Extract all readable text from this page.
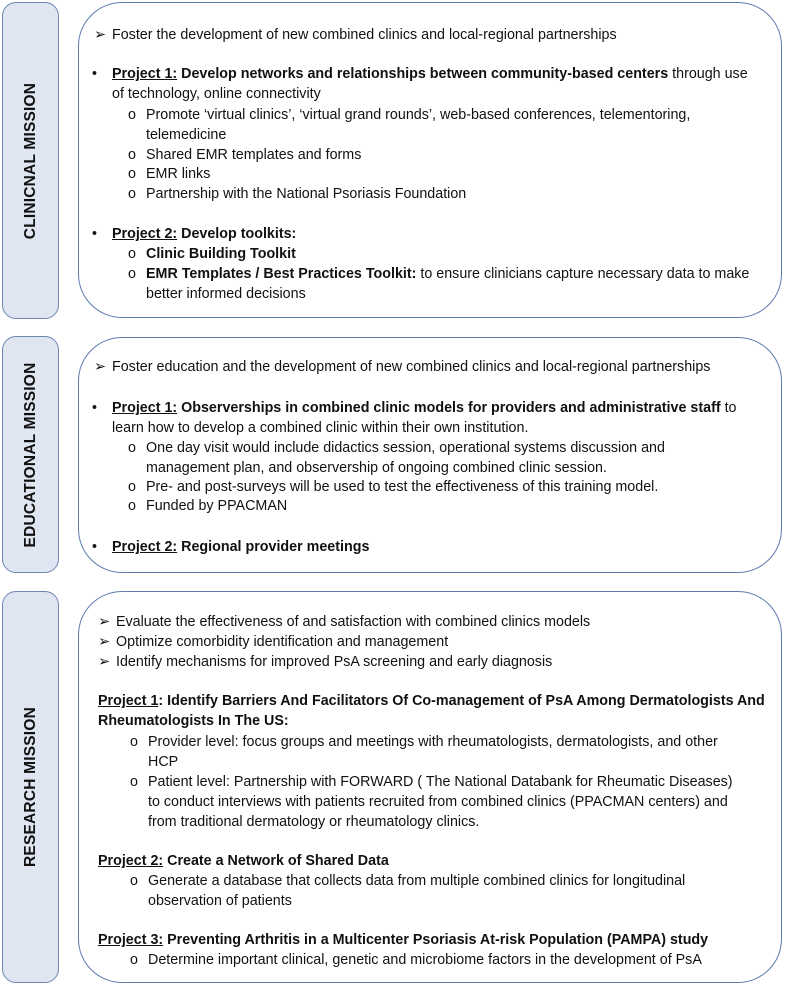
CLINICNAL MISSION
➢ Foster the development of new combined clinics and local-regional partnerships
• Project 1: Develop networks and relationships between community-based centers through use
of technology, online connectivity
o Promote ‘virtual clinics’, ‘virtual grand rounds’, web-based conferences, telementoring,
telemedicine
o Shared EMR templates and forms
o EMR links
o Partnership with the National Psoriasis Foundation
• Project 2: Develop toolkits:
o Clinic Building Toolkit
o EMR Templates / Best Practices Toolkit: to ensure clinicians capture necessary data to make
better informed decisions
EDUCATIONAL MISSION	➢ Foster education and the development of new combined clinics and local-regional partnerships
• Project 1: Observerships in combined clinic models for providers and administrative staff to
learn how to develop a combined clinic within their own institution.
o One day visit would include didactics session, operational systems discussion and
management plan, and observership of ongoing combined clinic session.
o Pre- and post-surveys will be used to test the effectiveness of this training model.
o Funded by PPACMAN
• Project 2: Regional provider meetings
RESEARCH MISSION
➢ Evaluate the effectiveness of and satisfaction with combined clinics models
➢ Optimize comorbidity identification and management
➢ Identify mechanisms for improved PsA screening and early diagnosis
Project 1: Identify Barriers And Facilitators Of Co-management of PsA Among Dermatologists And
Rheumatologists In The US:
o Provider level: focus groups and meetings with rheumatologists, dermatologists, and other
HCP
o Patient level: Partnership with FORWARD ( The National Databank for Rheumatic Diseases)
to conduct interviews with patients recruited from combined clinics (PPACMAN centers) and
from traditional dermatology or rheumatology clinics.
Project 2: Create a Network of Shared Data
o Generate a database that collects data from multiple combined clinics for longitudinal
observation of patients
Project 3: Preventing Arthritis in a Multicenter Psoriasis At-risk Population (PAMPA) study
o Determine important clinical, genetic and microbiome factors in the development of PsA
